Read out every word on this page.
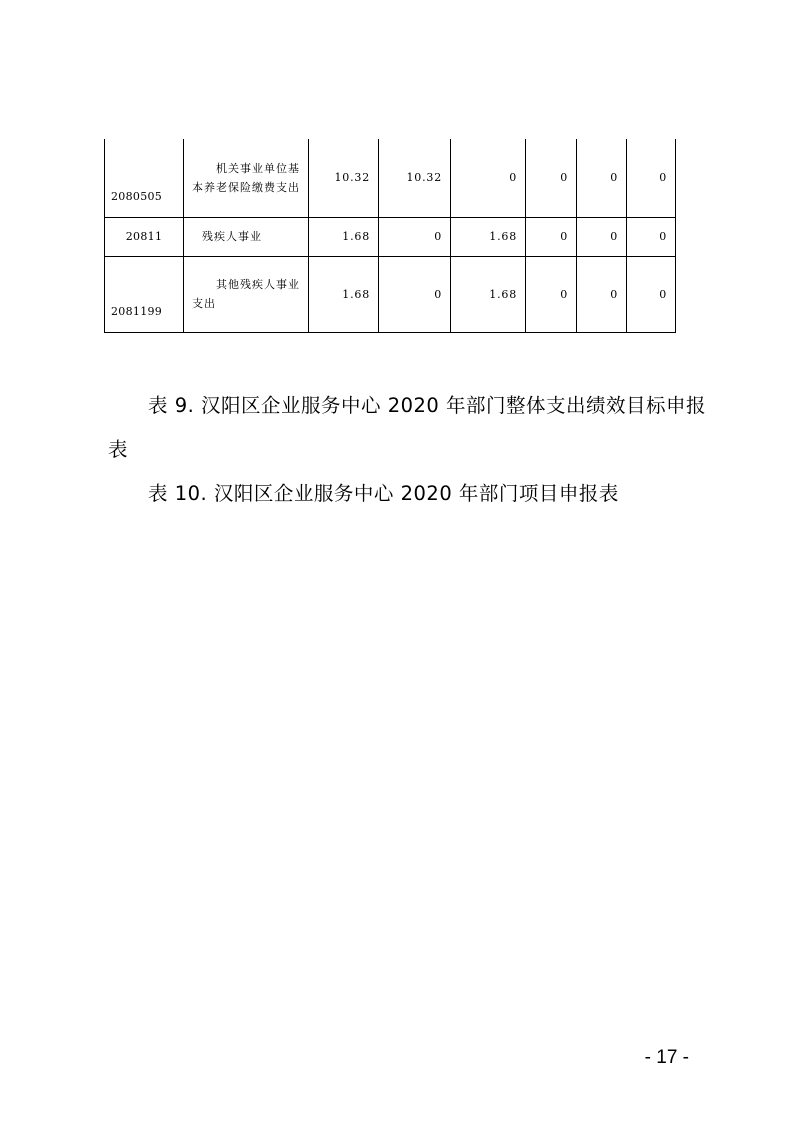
2080505	机关事业单位基
本养老保险缴费支出	10.32	10.32	0	0	0	0

20811	残疾人事业	1.68	0	1.68	0	0	0

2081199	其他残疾人事业
支出	1.68	0	1.68	0	0	0
表 9. 汉阳区企业服务中心 2020 年部门整体支出绩效目标申报表
表 10. 汉阳区企业服务中心 2020 年部门项目申报表
- 17 -
